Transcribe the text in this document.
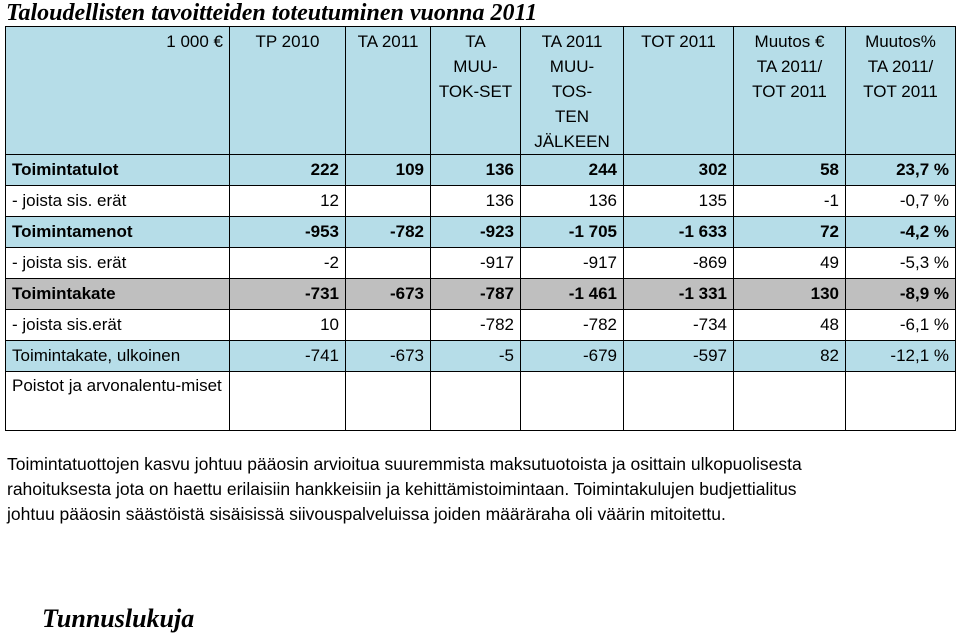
Taloudellisten tavoitteiden toteutuminen vuonna 2011
1 000 €	TP 2010	TA 2011	TA
MUU-
TOK-SET	TA 2011
MUU-
TOS-
TEN
JÄLKEEN	TOT 2011	Muutos €
TA 2011/
TOT 2011	Muutos%
TA 2011/
TOT 2011

Toimintatulot	222	109	136	244	302	58	23,7 %
- joista sis. erät	12		136	136	135	-1	-0,7 %
Toimintamenot	-953	-782	-923	-1 705	-1 633	72	-4,2 %
- joista sis. erät	-2		-917	-917	-869	49	-5,3 %
Toimintakate	-731	-673	-787	-1 461	-1 331	130	-8,9 %
- joista sis.erät	10		-782	-782	-734	48	-6,1 %
Toimintakate, ulkoinen	-741	-673	-5	-679	-597	82	-12,1 %
Poistot ja arvonalentu-miset							
Toimintatuottojen kasvu johtuu pääosin arvioitua suuremmista maksutuotoista ja osittain ulkopuolisesta
rahoituksesta jota on haettu erilaisiin hankkeisiin ja kehittämistoimintaan. Toimintakulujen budjettialitus
johtuu pääosin säästöistä sisäisissä siivouspalveluissa joiden määräraha oli väärin mitoitettu.
Tunnuslukuja
